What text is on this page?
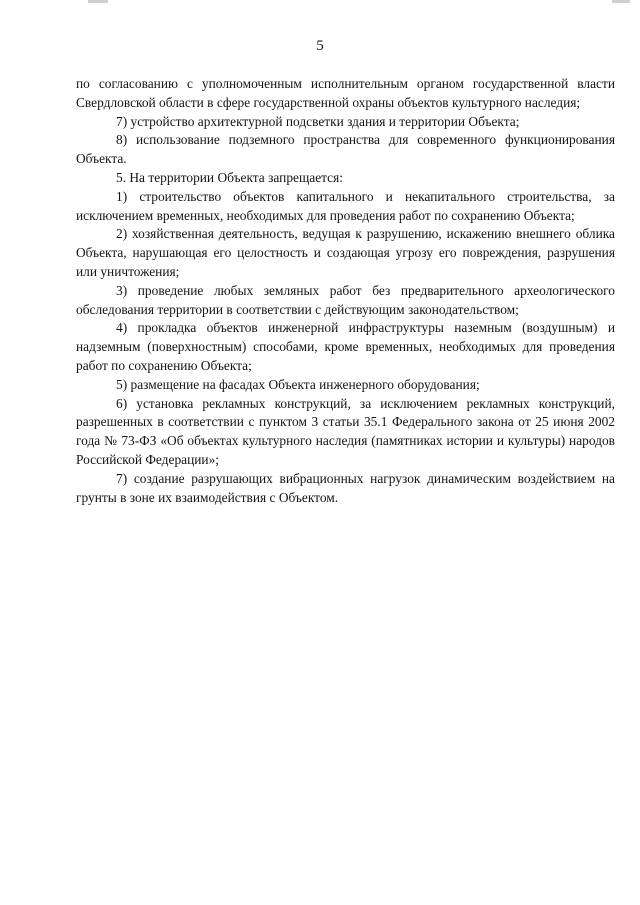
5

по согласованию с уполномоченным исполнительным органом государственной власти Свердловской области в сфере государственной охраны объектов культурного наследия;

7) устройство архитектурной подсветки здания и территории Объекта;

8) использование подземного пространства для современного функционирования Объекта.

5. На территории Объекта запрещается:

1) строительство объектов капитального и некапитального строительства, за исключением временных, необходимых для проведения работ по сохранению Объекта;

2) хозяйственная деятельность, ведущая к разрушению, искажению внешнего облика Объекта, нарушающая его целостность и создающая угрозу его повреждения, разрушения или уничтожения;

3) проведение любых земляных работ без предварительного археологического обследования территории в соответствии с действующим законодательством;

4) прокладка объектов инженерной инфраструктуры наземным (воздушным) и надземным (поверхностным) способами, кроме временных, необходимых для проведения работ по сохранению Объекта;

5) размещение на фасадах Объекта инженерного оборудования;

6) установка рекламных конструкций, за исключением рекламных конструкций, разрешенных в соответствии с пунктом 3 статьи 35.1 Федерального закона от 25 июня 2002 года № 73-ФЗ «Об объектах культурного наследия (памятниках истории и культуры) народов Российской Федерации»;

7) создание разрушающих вибрационных нагрузок динамическим воздействием на грунты в зоне их взаимодействия с Объектом.
